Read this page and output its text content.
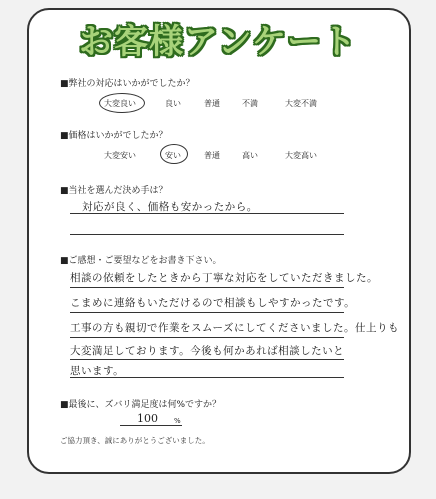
お客様アンケート
■弊社の対応はいかがでしたか？
大変良い	良い	普通	不満	大変不満
■価格はいかがでしたか？
大変安い	安い	普通	高い	大変高い
■当社を選んだ決め手は？
対応が良く、価格も安かったから。
■ご感想・ご要望などをお書き下さい。
相談の依頼をしたときから丁寧な対応をしていただきました。
こまめに連絡もいただけるので相談もしやすかったです。
工事の方も親切で作業をスムーズにしてくださいました。仕上りも
大変満足しております。今後も何かあれば相談したいと
思います。
■最後に、ズバリ満足度は何%ですか？
100 %
ご協力頂き、誠にありがとうございました。
